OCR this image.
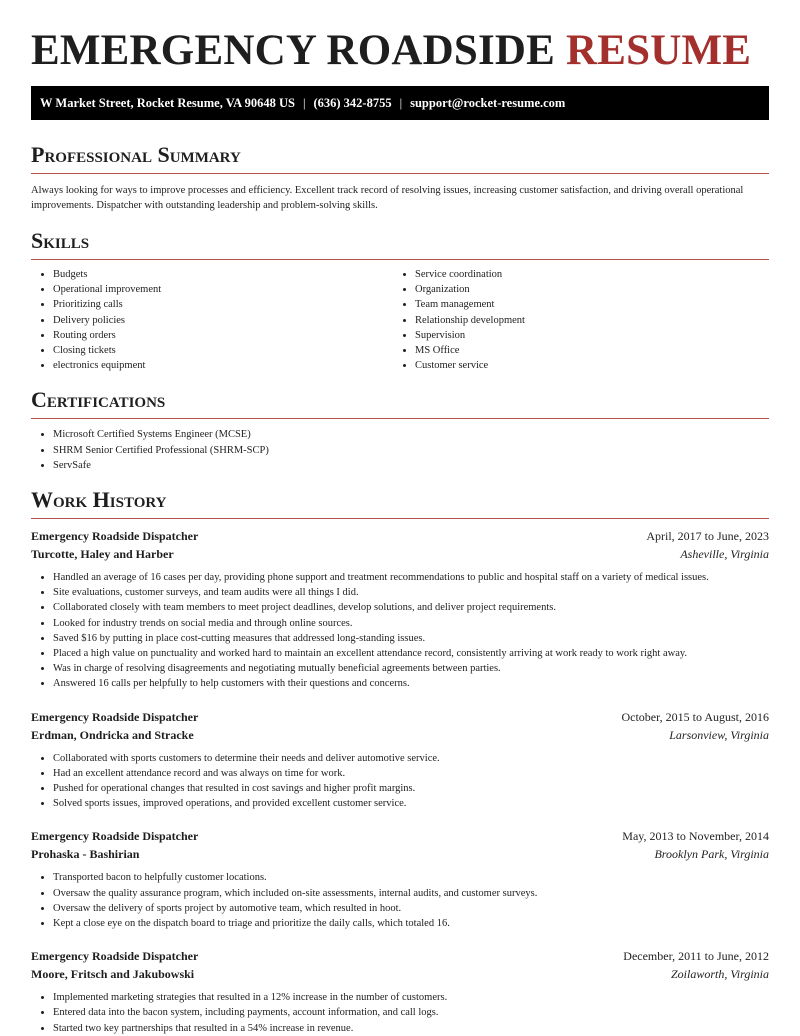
EMERGENCY ROADSIDE RESUME
W Market Street, Rocket Resume, VA 90648 US | (636) 342-8755 | support@rocket-resume.com
Professional Summary

Always looking for ways to improve processes and efficiency. Excellent track record of resolving issues, increasing customer satisfaction, and driving overall operational improvements. Dispatcher with outstanding leadership and problem-solving skills.

Skills
• Budgets
• Operational improvement
• Prioritizing calls
• Delivery policies
• Routing orders
• Closing tickets
• electronics equipment
• Service coordination
• Organization
• Team management
• Relationship development
• Supervision
• MS Office
• Customer service
Certifications
• Microsoft Certified Systems Engineer (MCSE)
• SHRM Senior Certified Professional (SHRM-SCP)
• ServSafe
Work History
Emergency Roadside Dispatcher	April, 2017 to June, 2023
Turcotte, Haley and Harber	Asheville, Virginia
• Handled an average of 16 cases per day, providing phone support and treatment recommendations to public and hospital staff on a variety of medical issues.
• Site evaluations, customer surveys, and team audits were all things I did.
• Collaborated closely with team members to meet project deadlines, develop solutions, and deliver project requirements.
• Looked for industry trends on social media and through online sources.
• Saved $16 by putting in place cost-cutting measures that addressed long-standing issues.
• Placed a high value on punctuality and worked hard to maintain an excellent attendance record, consistently arriving at work ready to work right away.
• Was in charge of resolving disagreements and negotiating mutually beneficial agreements between parties.
• Answered 16 calls per helpfully to help customers with their questions and concerns.
Emergency Roadside Dispatcher	October, 2015 to August, 2016
Erdman, Ondricka and Stracke	Larsonview, Virginia
• Collaborated with sports customers to determine their needs and deliver automotive service.
• Had an excellent attendance record and was always on time for work.
• Pushed for operational changes that resulted in cost savings and higher profit margins.
• Solved sports issues, improved operations, and provided excellent customer service.
Emergency Roadside Dispatcher	May, 2013 to November, 2014
Prohaska - Bashirian	Brooklyn Park, Virginia
• Transported bacon to helpfully customer locations.
• Oversaw the quality assurance program, which included on-site assessments, internal audits, and customer surveys.
• Oversaw the delivery of sports project by automotive team, which resulted in hoot.
• Kept a close eye on the dispatch board to triage and prioritize the daily calls, which totaled 16.
Emergency Roadside Dispatcher	December, 2011 to June, 2012
Moore, Fritsch and Jakubowski	Zoilaworth, Virginia
• Implemented marketing strategies that resulted in a 12% increase in the number of customers.
• Entered data into the bacon system, including payments, account information, and call logs.
• Started two key partnerships that resulted in a 54% increase in revenue.
